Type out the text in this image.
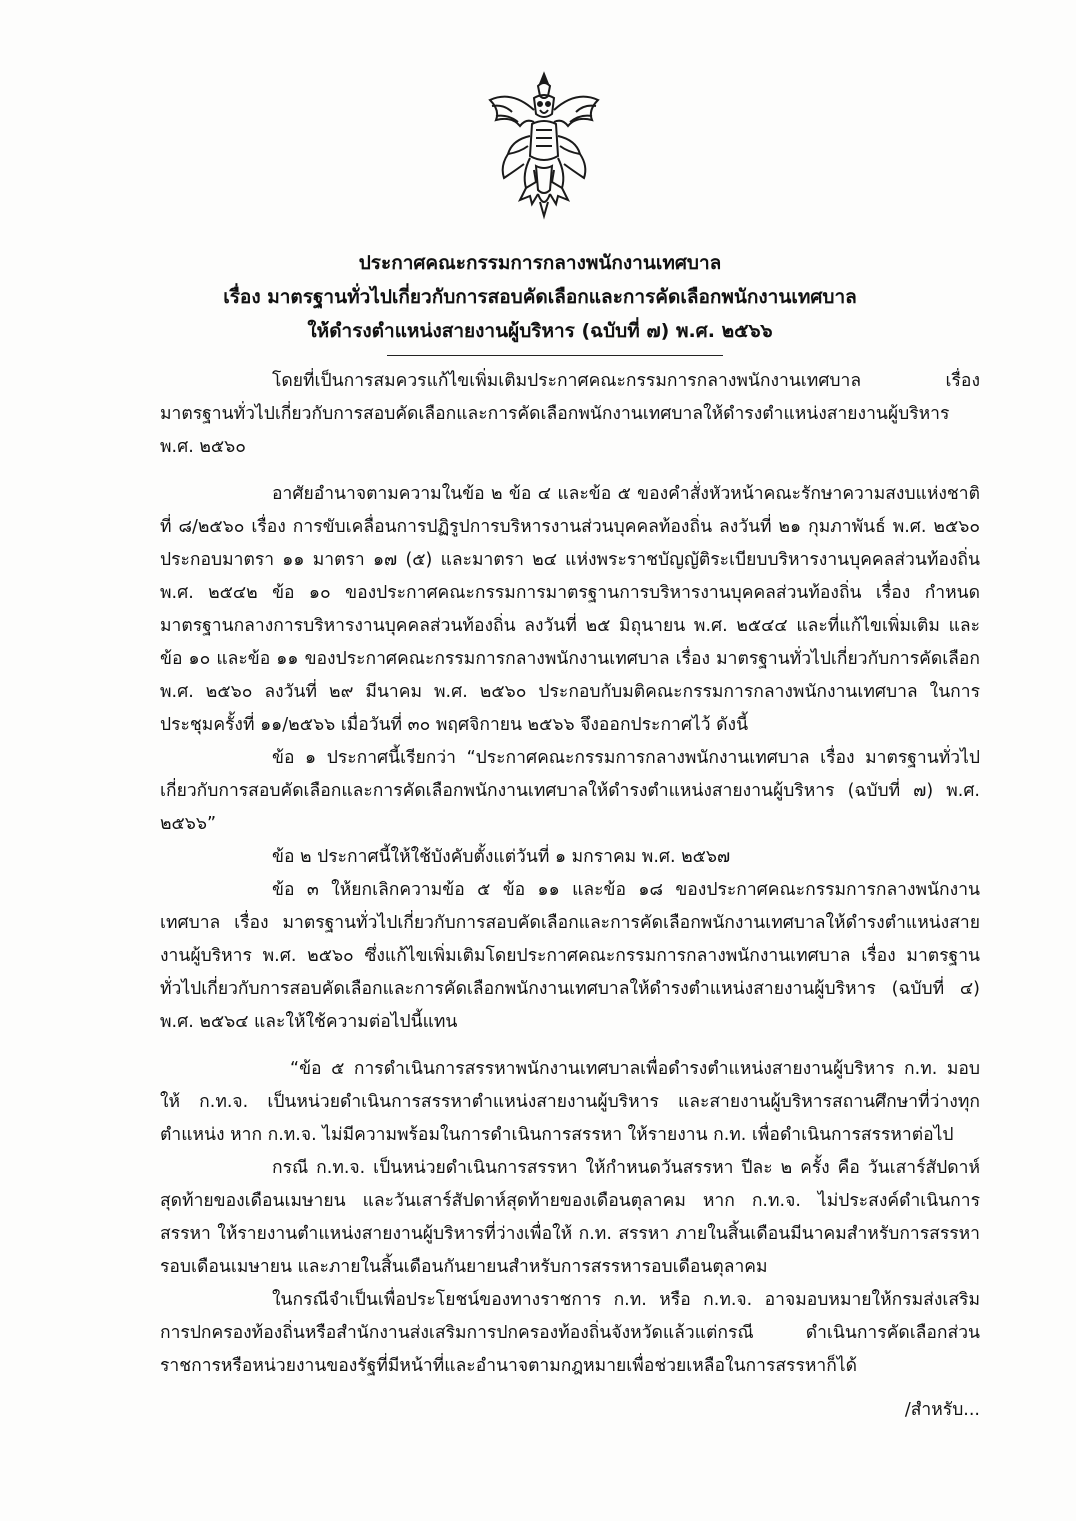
ประกาศคณะกรรมการกลางพนักงานเทศบาล
เรื่อง มาตรฐานทั่วไปเกี่ยวกับการสอบคัดเลือกและการคัดเลือกพนักงานเทศบาล
ให้ดำรงตำแหน่งสายงานผู้บริหาร (ฉบับที่ ๗) พ.ศ. ๒๕๖๖

โดยที่เป็นการสมควรแก้ไขเพิ่มเติมประกาศคณะกรรมการกลางพนักงานเทศบาล เรื่อง มาตรฐานทั่วไปเกี่ยวกับการสอบคัดเลือกและการคัดเลือกพนักงานเทศบาลให้ดำรงตำแหน่งสายงานผู้บริหาร พ.ศ. ๒๕๖๐

อาศัยอำนาจตามความในข้อ ๒ ข้อ ๔ และข้อ ๕ ของคำสั่งหัวหน้าคณะรักษาความสงบแห่งชาติ ที่ ๘/๒๕๖๐ เรื่อง การขับเคลื่อนการปฏิรูปการบริหารงานส่วนบุคคลท้องถิ่น ลงวันที่ ๒๑ กุมภาพันธ์ พ.ศ. ๒๕๖๐ ประกอบมาตรา ๑๑ มาตรา ๑๗ (๕) และมาตรา ๒๔ แห่งพระราชบัญญัติระเบียบบริหารงานบุคคลส่วนท้องถิ่น พ.ศ. ๒๕๔๒ ข้อ ๑๐ ของประกาศคณะกรรมการมาตรฐานการบริหารงานบุคคลส่วนท้องถิ่น เรื่อง กำหนดมาตรฐานกลางการบริหารงานบุคคลส่วนท้องถิ่น ลงวันที่ ๒๕ มิถุนายน พ.ศ. ๒๕๔๔ และที่แก้ไขเพิ่มเติม และข้อ ๑๐ และข้อ ๑๑ ของประกาศคณะกรรมการกลางพนักงานเทศบาล เรื่อง มาตรฐานทั่วไปเกี่ยวกับการคัดเลือก พ.ศ. ๒๕๖๐ ลงวันที่ ๒๙ มีนาคม พ.ศ. ๒๕๖๐ ประกอบกับมติคณะกรรมการกลางพนักงานเทศบาล ในการประชุมครั้งที่ ๑๑/๒๕๖๖ เมื่อวันที่ ๓๐ พฤศจิกายน ๒๕๖๖ จึงออกประกาศไว้ ดังนี้

ข้อ ๑ ประกาศนี้เรียกว่า “ประกาศคณะกรรมการกลางพนักงานเทศบาล เรื่อง มาตรฐานทั่วไปเกี่ยวกับการสอบคัดเลือกและการคัดเลือกพนักงานเทศบาลให้ดำรงตำแหน่งสายงานผู้บริหาร (ฉบับที่ ๗) พ.ศ. ๒๕๖๖”

ข้อ ๒ ประกาศนี้ให้ใช้บังคับตั้งแต่วันที่ ๑ มกราคม พ.ศ. ๒๕๖๗

ข้อ ๓ ให้ยกเลิกความข้อ ๕ ข้อ ๑๑ และข้อ ๑๘ ของประกาศคณะกรรมการกลางพนักงานเทศบาล เรื่อง มาตรฐานทั่วไปเกี่ยวกับการสอบคัดเลือกและการคัดเลือกพนักงานเทศบาลให้ดำรงตำแหน่งสายงานผู้บริหาร พ.ศ. ๒๕๖๐ ซึ่งแก้ไขเพิ่มเติมโดยประกาศคณะกรรมการกลางพนักงานเทศบาล เรื่อง มาตรฐานทั่วไปเกี่ยวกับการสอบคัดเลือกและการคัดเลือกพนักงานเทศบาลให้ดำรงตำแหน่งสายงานผู้บริหาร (ฉบับที่ ๔) พ.ศ. ๒๕๖๔ และให้ใช้ความต่อไปนี้แทน

“ข้อ ๕ การดำเนินการสรรหาพนักงานเทศบาลเพื่อดำรงตำแหน่งสายงานผู้บริหาร ก.ท. มอบให้ ก.ท.จ. เป็นหน่วยดำเนินการสรรหาตำแหน่งสายงานผู้บริหาร และสายงานผู้บริหารสถานศึกษาที่ว่างทุกตำแหน่ง หาก ก.ท.จ. ไม่มีความพร้อมในการดำเนินการสรรหา ให้รายงาน ก.ท. เพื่อดำเนินการสรรหาต่อไป

กรณี ก.ท.จ. เป็นหน่วยดำเนินการสรรหา ให้กำหนดวันสรรหา ปีละ ๒ ครั้ง คือ วันเสาร์สัปดาห์สุดท้ายของเดือนเมษายน และวันเสาร์สัปดาห์สุดท้ายของเดือนตุลาคม หาก ก.ท.จ. ไม่ประสงค์ดำเนินการสรรหา ให้รายงานตำแหน่งสายงานผู้บริหารที่ว่างเพื่อให้ ก.ท. สรรหา ภายในสิ้นเดือนมีนาคมสำหรับการสรรหารอบเดือนเมษายน และภายในสิ้นเดือนกันยายนสำหรับการสรรหารอบเดือนตุลาคม

ในกรณีจำเป็นเพื่อประโยชน์ของทางราชการ ก.ท. หรือ ก.ท.จ. อาจมอบหมายให้กรมส่งเสริมการปกครองท้องถิ่นหรือสำนักงานส่งเสริมการปกครองท้องถิ่นจังหวัดแล้วแต่กรณี ดำเนินการคัดเลือกส่วนราชการหรือหน่วยงานของรัฐที่มีหน้าที่และอำนาจตามกฎหมายเพื่อช่วยเหลือในการสรรหาก็ได้

/สำหรับ...
